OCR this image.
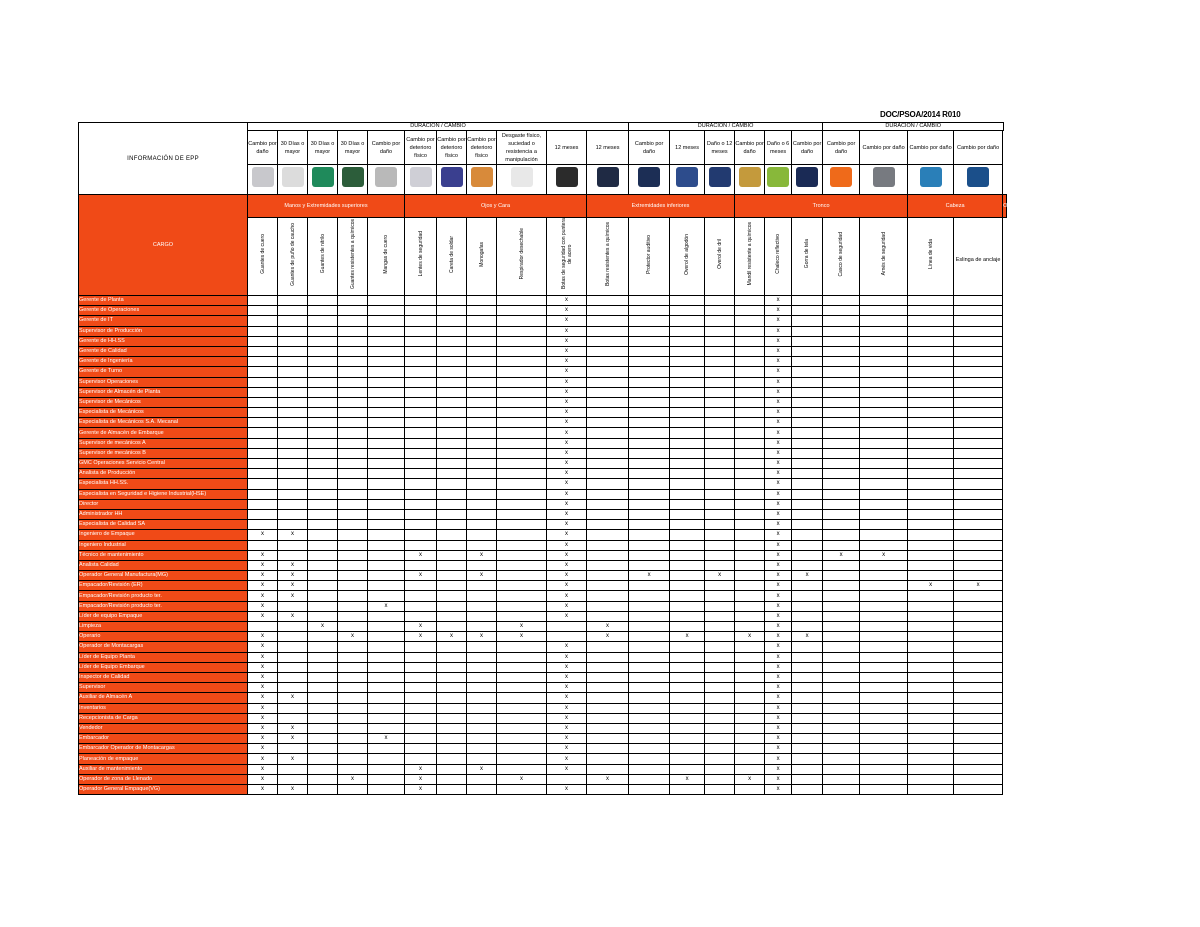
DOC/PSOA/2014 R010
INFORMACIÓN DE EPP	DURACIÓN / CAMBIO											DURACIÓN / CAMBIO						DURACIÓN / CAMBIO				
	Cambio por daño	30 Días o mayor	30 Días o mayor	30 Días o mayor	Cambio por daño	Cambio por deterioro físico	Cambio por deterioro físico	Cambio por deterioro físico	Desgaste físico, suciedad o resistencia a manipulación	12 meses	12 meses	Cambio por daño	12 meses	Daño o 12 meses	Cambio por daño	Daño o 6 meses	Cambio por daño	Cambio por daño	Cambio por daño	Cambio por daño	Cambio por daño	

CARGO	Manos y Extremidades superiores					Ojos y Cara					Extremidades inferiores				Tronco					Cabeza		OTROS
	Guantes de cuero	Guantes de puño de caucho	Guantes de nitrilo	Guantes resistentes a químicos	Mangas de cuero	Lentes de seguridad	Careta de soldar	Monogafas	Respirador desechable	Botas de seguridad con puntera de acero	Botas resistentes a químicos	Protector auditivo	Overol de algodón	Overol de dril	Mandil resistente a químicos	Chaleco reflectivo	Gorra de tela	Casco de seguridad	Arnés de seguridad	Línea de vida	Eslinga de anclaje	
Gerente de Planta										x						x						
Gerente de Operaciones										x						x						
Gerente de IT										x						x						
Supervisor de Producción										x						x						
Gerente de HH.SS										x						x						
Gerente de Calidad										x						x						
Gerente de Ingeniería										x						x						
Gerente de Turno										x						x						
Supervisor Operaciones										x						x						
Supervisor de Almacén de Planta										x						x						
Supervisor de Mecánicos										x						x						
Especialista de Mecánicos										x						x						
Especialista de Mecánicos S.A. Mecanal										x						x						
Gerente de Almacén de Embarque										x						x						
Supervisor de mecánicos A										x						x						
Supervisor de mecánicos B										x						x						
GMC Operaciones Servicio Central										x						x						
Analista de Producción										x						x						
Especialista HH.SS.										x						x						
Especialista en Seguridad e Higiene Industrial(HSE)										x						x						
Director										x						x						
Administrador HH										x						x						
Especialista de Calidad SA										x						x						
Ingeniero de Empaque	x	x								x						x						
Ingeniero Industrial										x						x						
Técnico de mantenimiento	x					x		x		x						x		x	x			
Analista Calidad	x	x								x						x						
Operador General Manufactura(MG)	x	x				x		x		x		x		x		x	x					
Empacador/Revisión (ER)	x	x								x						x				x	x	
Empacador/Revisión producto ter.	x	x								x						x						
Empacador/Revisión producto ter.	x				x					x						x						
Líder de equipo Empaque	x	x								x						x						
Limpieza			x			x			x		x					x						
Operario	x			x		x	x	x	x		x		x		x	x	x					
Operador de Montacargas	x									x						x						
Líder de Equipo Planta	x									x						x						
Líder de Equipo Embarque	x									x						x						
Inspector de Calidad	x									x						x						
Supervisor	x									x						x						
Auxiliar de Almacén A	x	x								x						x						
Inventarios	x									x						x						
Recepcionista de Carga	x									x						x						
Vendedor	x	x								x						x						
Embarcador	x	x			x					x						x						
Embarcador Operador de Montacargas	x									x						x						
Planeación de empaque	x	x								x						x						
Auxiliar de mantenimiento	x					x		x		x						x						
Operador de zona de Llenado	x			x		x			x		x		x		x	x						
Operador General Empaque(VG)	x	x				x				x						x						
